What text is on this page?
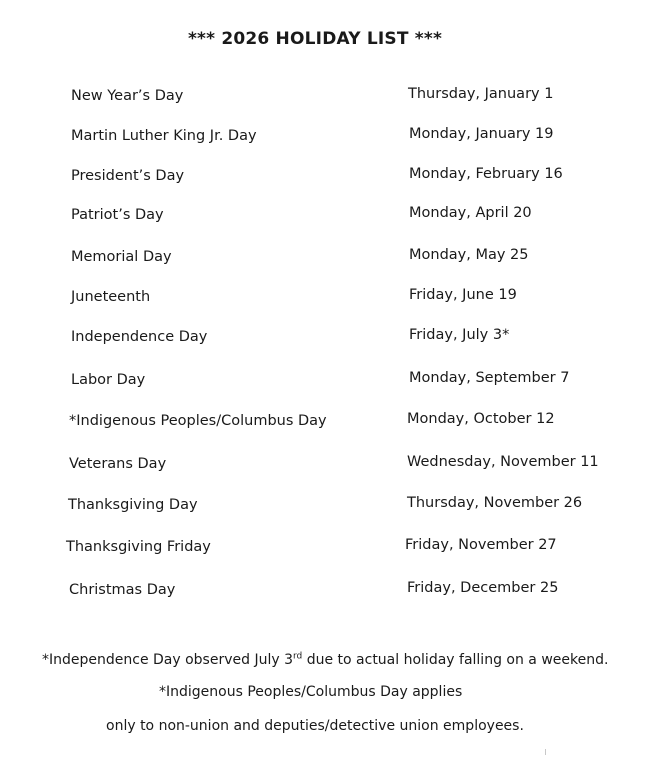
*** 2026 HOLIDAY LIST ***
New Year’s Day	Thursday, January 1
Martin Luther King Jr. Day	Monday, January 19
President’s Day	Monday, February 16
Patriot’s Day	Monday, April 20
Memorial Day	Monday, May 25
Juneteenth	Friday, June 19
Independence Day	Friday, July 3*
Labor Day	Monday, September 7
*Indigenous Peoples/Columbus Day	Monday, October 12
Veterans Day	Wednesday, November 11
Thanksgiving Day	Thursday, November 26
Thanksgiving Friday	Friday, November 27
Christmas Day	Friday, December 25
*Independence Day observed July 3rd due to actual holiday falling on a weekend.
*Indigenous Peoples/Columbus Day applies
only to non-union and deputies/detective union employees.
